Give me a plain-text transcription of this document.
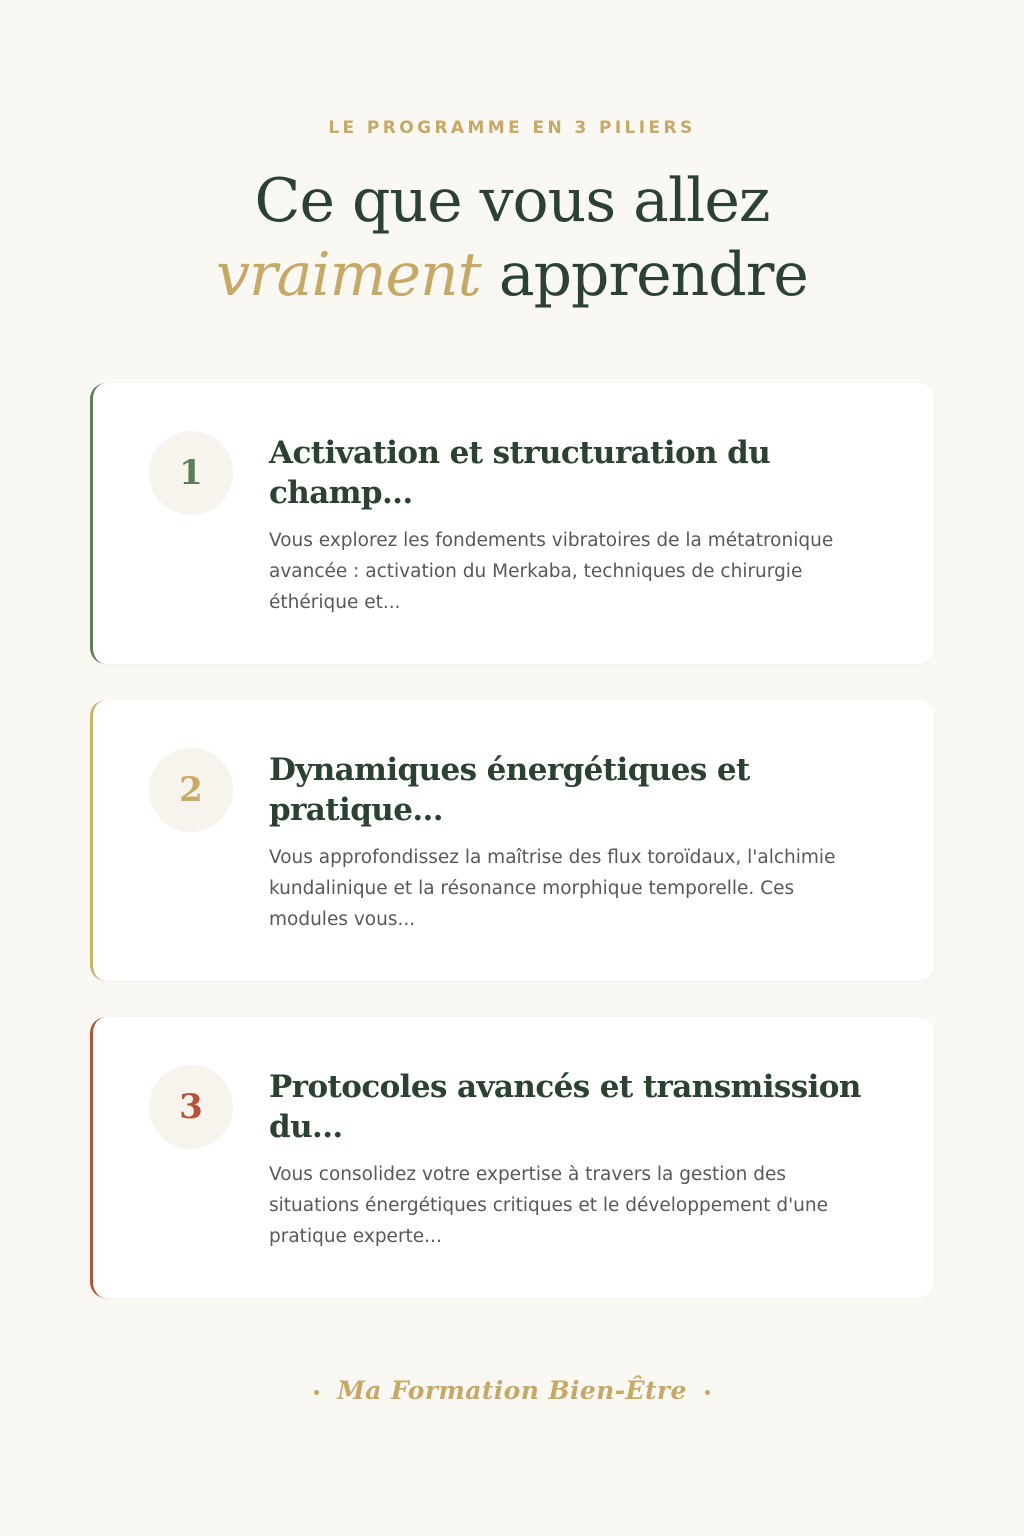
LE PROGRAMME EN 3 PILIERS

Ce que vous allez
vraiment apprendre
1	Activation et structuration du champ...

Vous explorez les fondements vibratoires de la métatronique avancée : activation du Merkaba, techniques de chirurgie éthérique et...

2	Dynamiques énergétiques et pratique...

Vous approfondissez la maîtrise des flux toroïdaux, l'alchimie kundalinique et la résonance morphique temporelle. Ces modules vous...

3	Protocoles avancés et transmission du...

Vous consolidez votre expertise à travers la gestion des situations énergétiques critiques et le développement d'une pratique experte...

Ma Formation Bien-Être
